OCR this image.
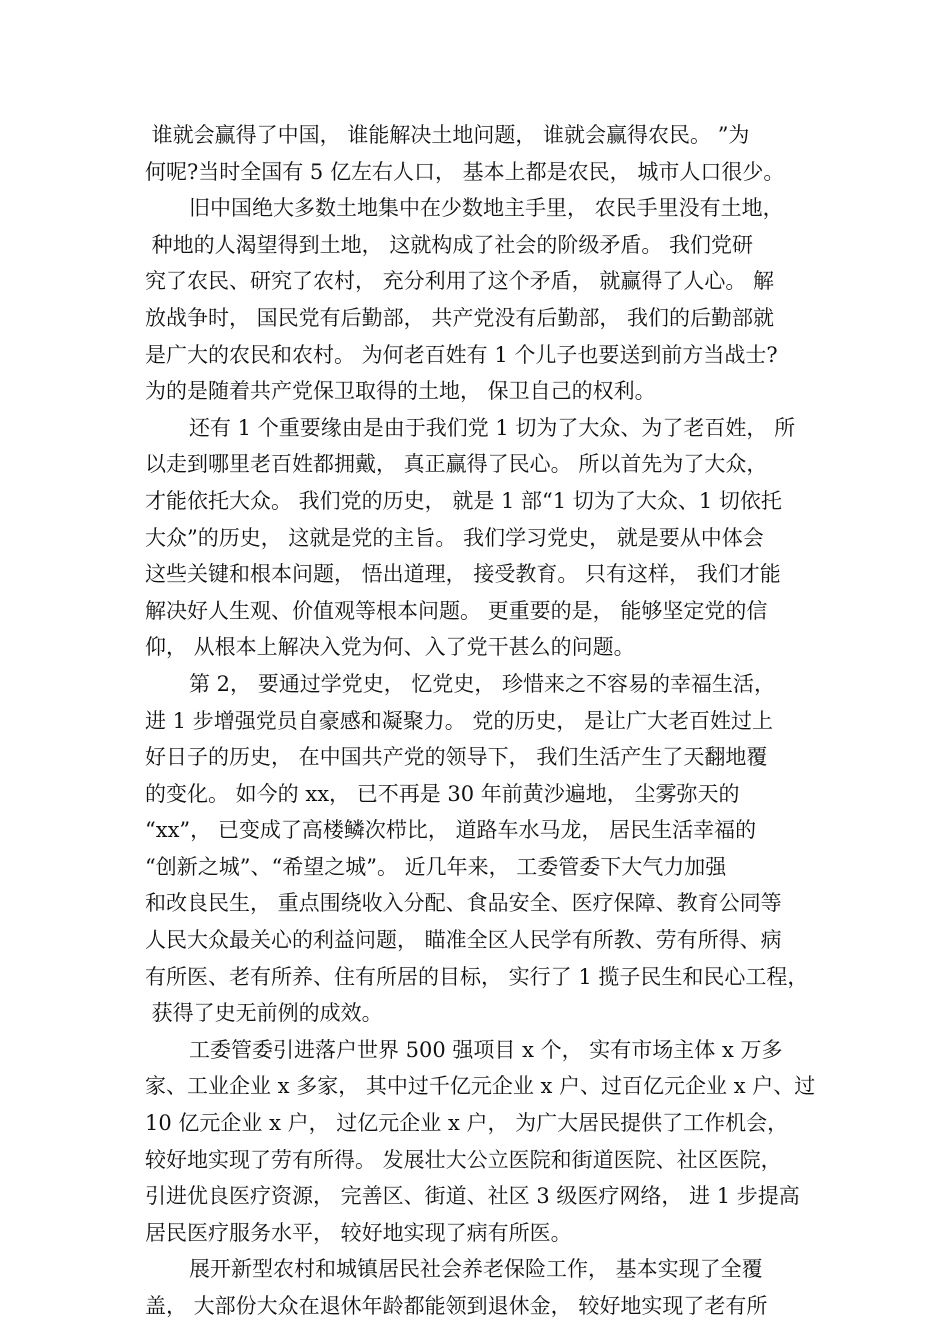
谁就会赢得了中国， 谁能解决土地问题， 谁就会赢得农民。 ”为
何呢?当时全国有 5 亿左右人口， 基本上都是农民， 城市人口很少。
旧中国绝大多数土地集中在少数地主手里， 农民手里没有土地，
种地的人渴望得到土地， 这就构成了社会的阶级矛盾。 我们党研
究了农民、研究了农村， 充分利用了这个矛盾， 就赢得了人心。 解
放战争时， 国民党有后勤部， 共产党没有后勤部， 我们的后勤部就
是广大的农民和农村。 为何老百姓有 1 个儿子也要送到前方当战士?
为的是随着共产党保卫取得的土地， 保卫自己的权利。
还有 1 个重要缘由是由于我们党 1 切为了大众、为了老百姓， 所
以走到哪里老百姓都拥戴， 真正赢得了民心。 所以首先为了大众，
才能依托大众。 我们党的历史， 就是 1 部“1 切为了大众、1 切依托
大众”的历史， 这就是党的主旨。 我们学习党史， 就是要从中体会
这些关键和根本问题， 悟出道理， 接受教育。 只有这样， 我们才能
解决好人生观、价值观等根本问题。 更重要的是， 能够坚定党的信
仰， 从根本上解决入党为何、入了党干甚么的问题。
第 2， 要通过学党史， 忆党史， 珍惜来之不容易的幸福生活，
进 1 步增强党员自豪感和凝聚力。 党的历史， 是让广大老百姓过上
好日子的历史， 在中国共产党的领导下， 我们生活产生了天翻地覆
的变化。 如今的 xx， 已不再是 30 年前黄沙遍地， 尘雾弥天的
“xx”， 已变成了高楼鳞次栉比， 道路车水马龙， 居民生活幸福的
“创新之城”、“希望之城”。 近几年来， 工委管委下大气力加强
和改良民生， 重点围绕收入分配、食品安全、医疗保障、教育公同等
人民大众最关心的利益问题， 瞄准全区人民学有所教、劳有所得、病
有所医、老有所养、住有所居的目标， 实行了 1 揽子民生和民心工程，
获得了史无前例的成效。
工委管委引进落户世界 500 强项目 x 个， 实有市场主体 x 万多
家、工业企业 x 多家， 其中过千亿元企业 x 户、过百亿元企业 x 户、过
10 亿元企业 x 户， 过亿元企业 x 户， 为广大居民提供了工作机会，
较好地实现了劳有所得。 发展壮大公立医院和街道医院、社区医院，
引进优良医疗资源， 完善区、街道、社区 3 级医疗网络， 进 1 步提高
居民医疗服务水平， 较好地实现了病有所医。
展开新型农村和城镇居民社会养老保险工作， 基本实现了全覆
盖， 大部份大众在退休年龄都能领到退休金， 较好地实现了老有所
